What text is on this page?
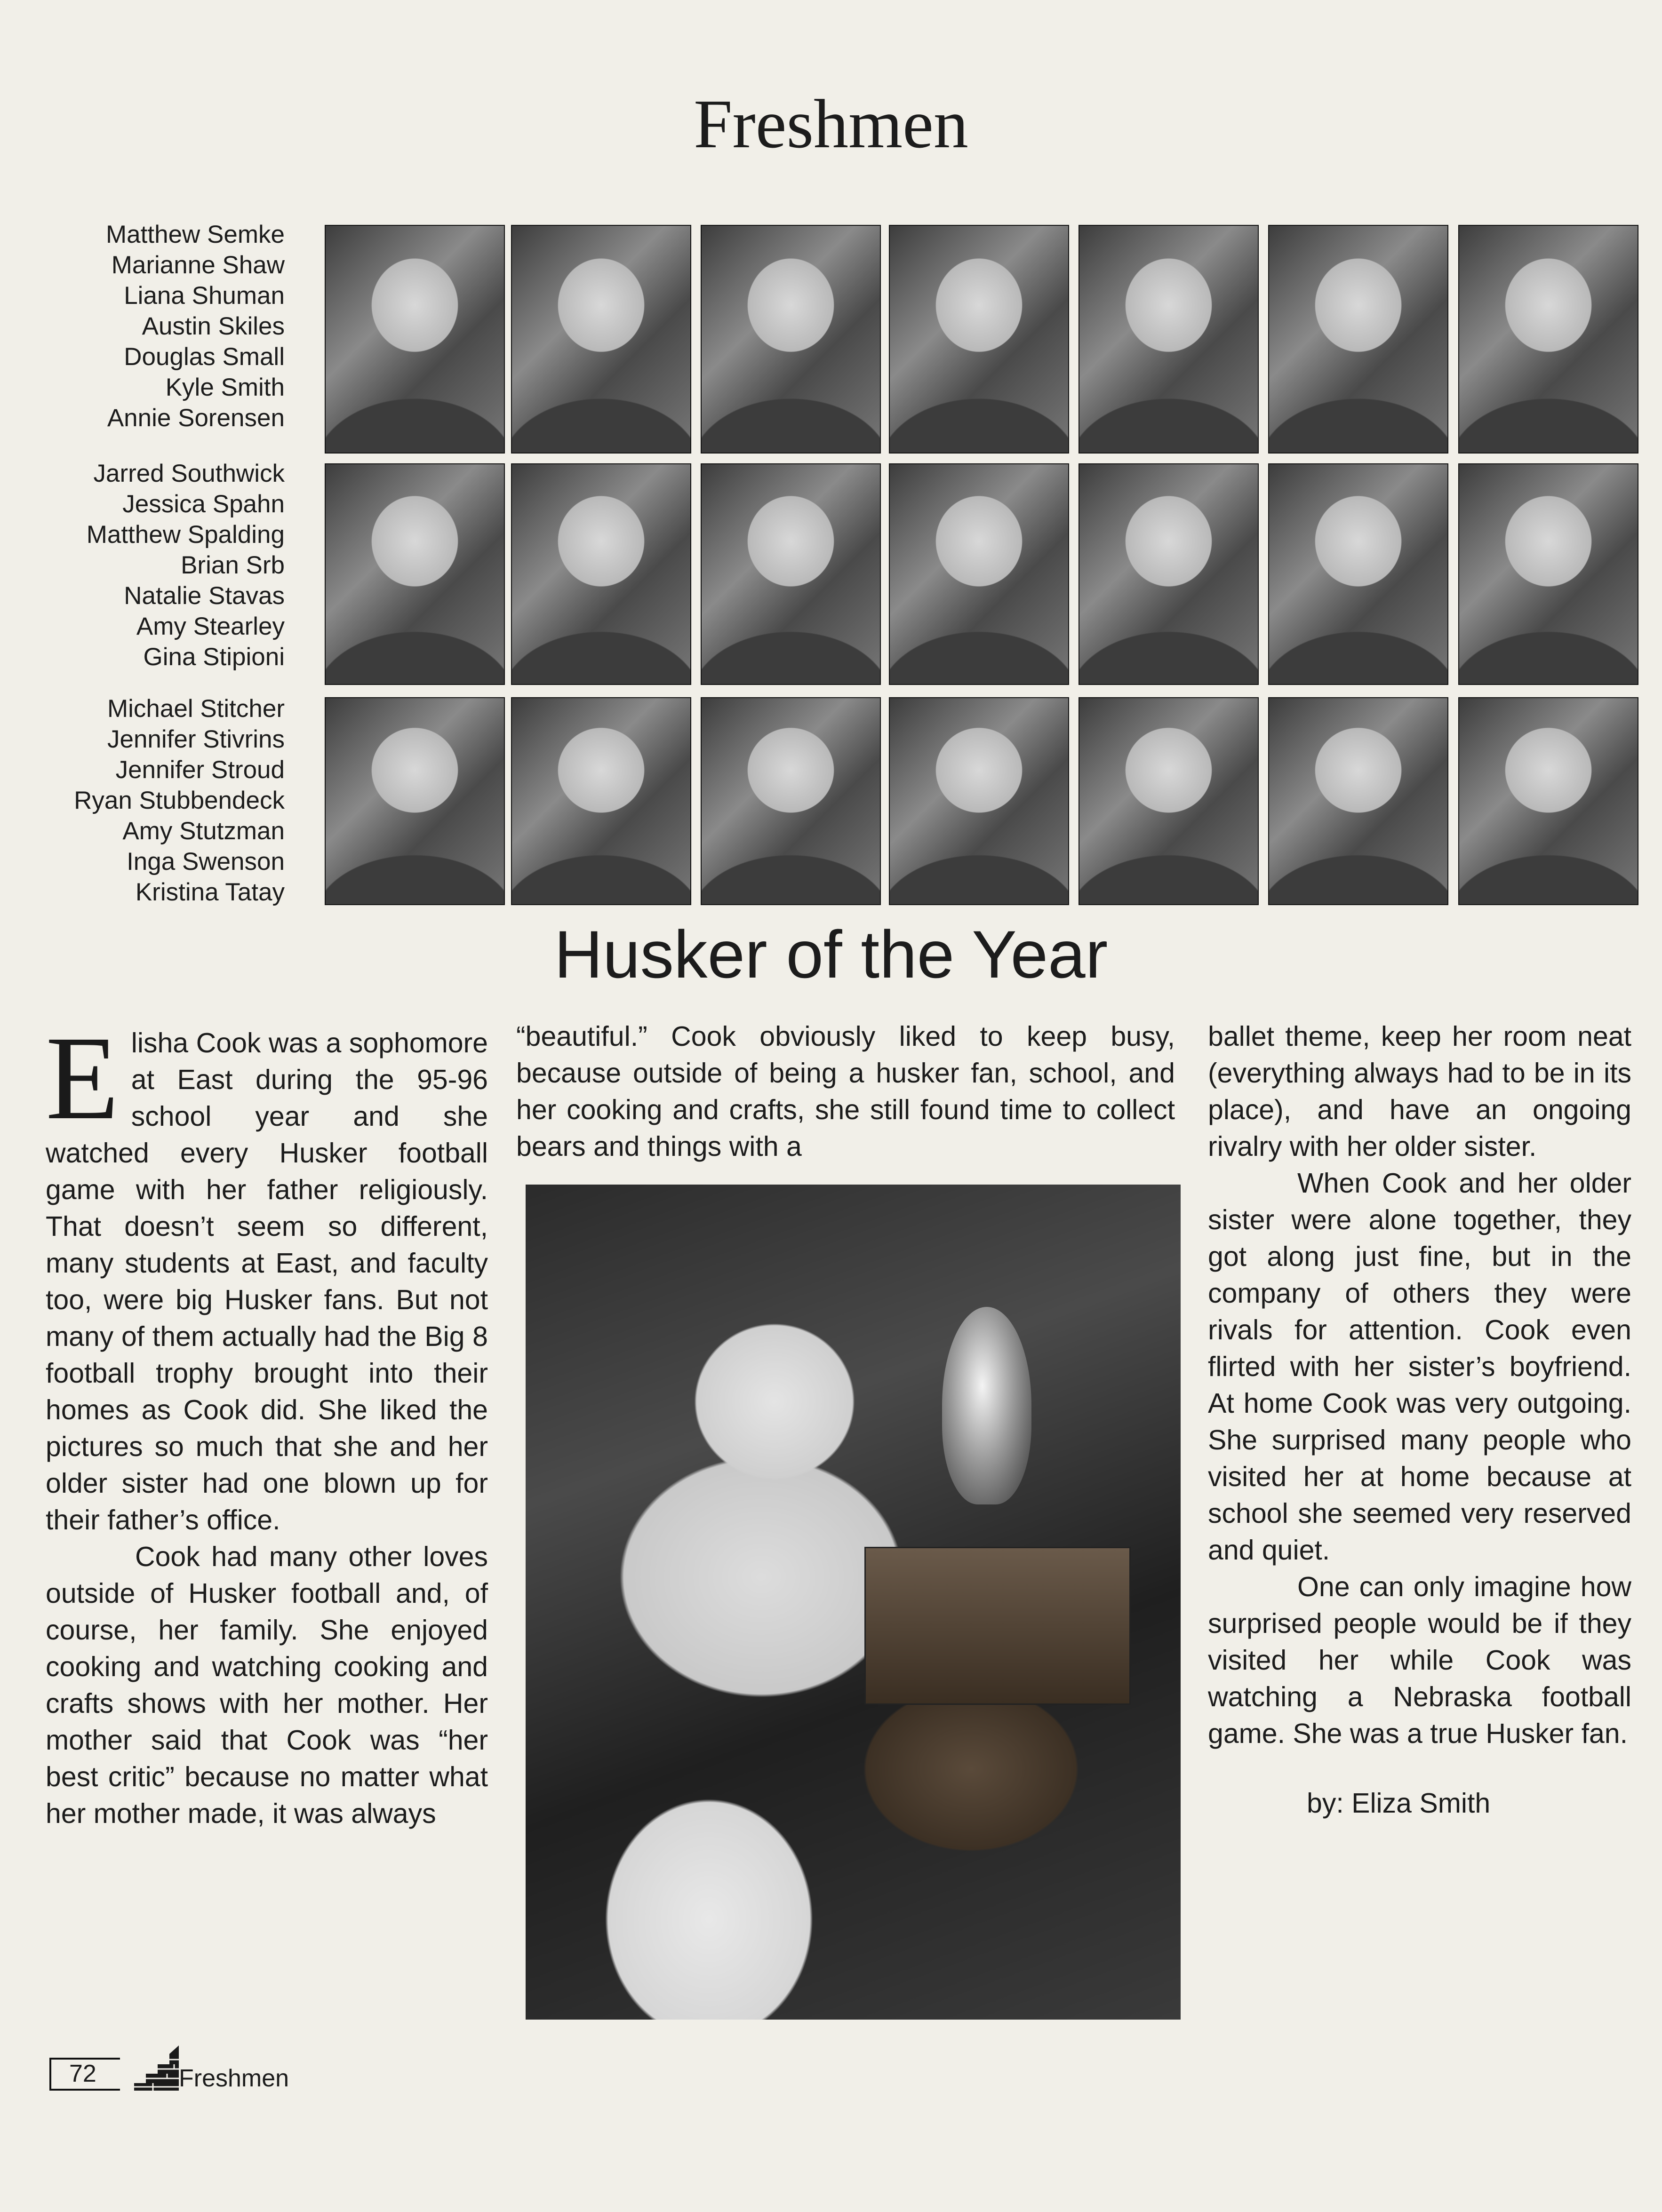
Freshmen
Matthew Semke
Marianne Shaw
Liana Shuman
Austin Skiles
Douglas Small
Kyle Smith
Annie Sorensen
Jarred Southwick
Jessica Spahn
Matthew Spalding
Brian Srb
Natalie Stavas
Amy Stearley
Gina Stipioni
Michael Stitcher
Jennifer Stivrins
Jennifer Stroud
Ryan Stubbendeck
Amy Stutzman
Inga Swenson
Kristina Tatay
Husker of the Year

Elisha Cook was a sophomore at East during the 95-96 school year and she watched every Husker football game with her father religiously. That doesn’t seem so different, many students at East, and faculty too, were big Husker fans. But not many of them actually had the Big 8 football trophy brought into their homes as Cook did. She liked the pictures so much that she and her older sister had one blown up for their father’s office.

Cook had many other loves outside of Husker football and, of course, her family. She enjoyed cooking and watching cooking and crafts shows with her mother. Her mother said that Cook was “her best critic” because no matter what her mother made, it was always

“beautiful.” Cook obviously liked to keep busy, because outside of being a husker fan, school, and her cooking and crafts, she still found time to collect bears and things with a

ballet theme, keep her room neat (everything always had to be in its place), and have an ongoing rivalry with her older sister.

When Cook and her older sister were alone together, they got along just fine, but in the company of others they were rivals for attention. Cook even flirted with her sister’s boyfriend. At home Cook was very outgoing. She surprised many people who visited her at home because at school she seemed very reserved and quiet.

One can only imagine how surprised people would be if they visited her while Cook was watching a Nebraska football game. She was a true Husker fan.

by: Eliza Smith

72	Freshmen
